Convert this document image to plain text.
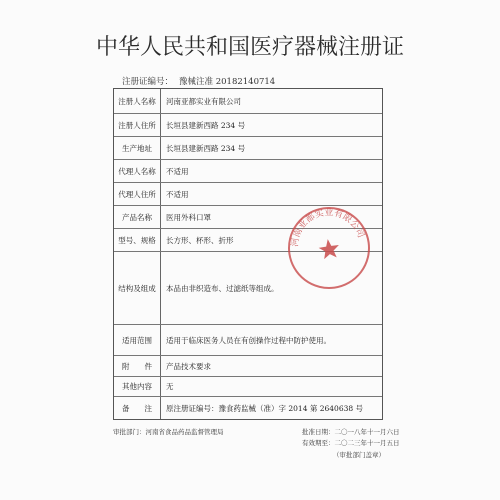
中华人民共和国医疗器械注册证
注册证编号： 豫械注准 20182140714
注册人名称	河南亚都实业有限公司
注册人住所	长垣县建新西路 234 号
生产地址	长垣县建新西路 234 号
代理人名称	不适用
代理人住所	不适用
产品名称	医用外科口罩
型号、规格	长方形、杯形、折形
结构及组成	本品由非织造布、过滤纸等组成。
适用范围	适用于临床医务人员在有创操作过程中防护使用。
附　　件	产品技术要求
其他内容	无
备　　注	原注册证编号：豫食药监械（准）字 2014 第 2640638 号
河南亚都实业有限公司
审批部门：河南省食品药品监督管理局	批准日期：二〇一八年十一月六日
有效期至：二〇二三年十一月五日
（审批部门盖章）
